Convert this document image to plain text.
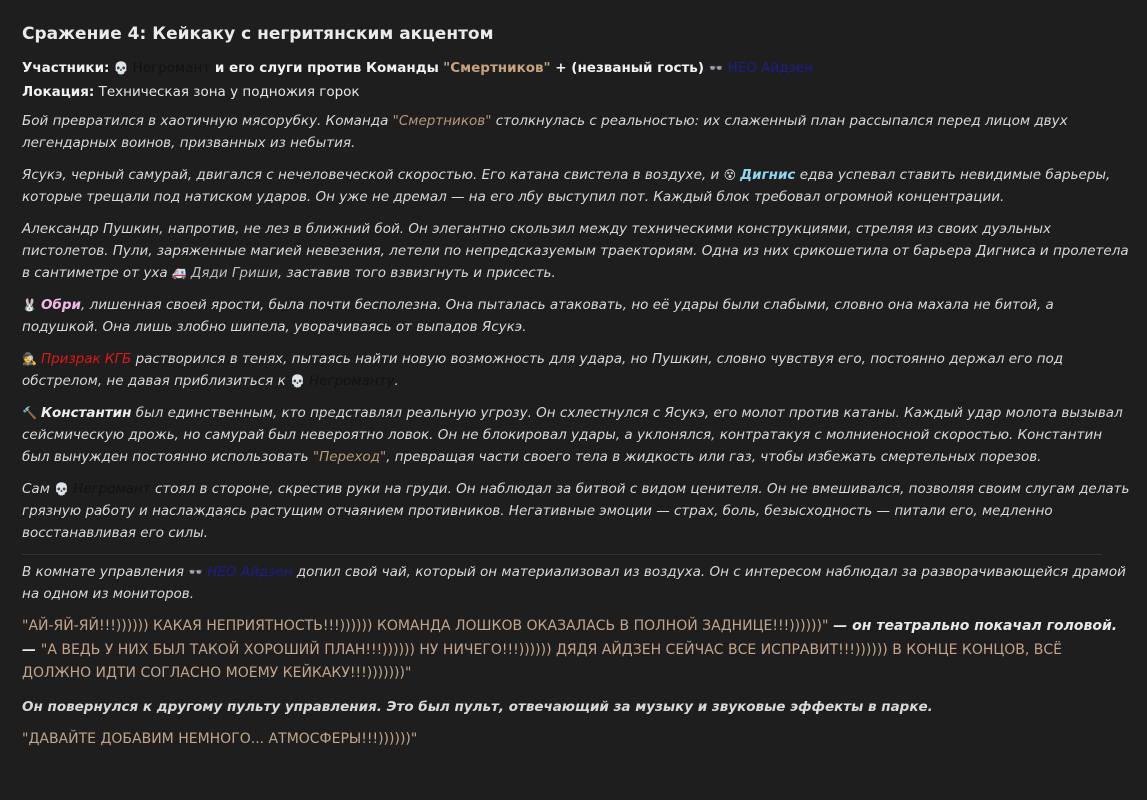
Сражение 4: Кейкаку с негритянским акцентом
Участники: 💀 Негромант и его слуги против Команды "Смертников" + (незваный гость) 👓 НЕО Айдзен
Локация: Техническая зона у подножия горок

Бой превратился в хаотичную мясорубку. Команда "Смертников" столкнулась с реальностью: их слаженный план рассыпался перед лицом двух легендарных воинов, призванных из небытия.

Ясукэ, черный самурай, двигался с нечеловеческой скоростью. Его катана свистела в воздухе, и 😵 Дигнис едва успевал ставить невидимые барьеры, которые трещали под натиском ударов. Он уже не дремал — на его лбу выступил пот. Каждый блок требовал огромной концентрации.

Александр Пушкин, напротив, не лез в ближний бой. Он элегантно скользил между техническими конструкциями, стреляя из своих дуэльных пистолетов. Пули, заряженные магией невезения, летели по непредсказуемым траекториям. Одна из них срикошетила от барьера Дигниса и пролетела в сантиметре от уха 🚑 Дяди Гриши, заставив того взвизгнуть и присесть.

🐰 Обри, лишенная своей ярости, была почти бесполезна. Она пыталась атаковать, но её удары были слабыми, словно она махала не битой, а подушкой. Она лишь злобно шипела, уворачиваясь от выпадов Ясукэ.

🕵 Призрак КГБ растворился в тенях, пытаясь найти новую возможность для удара, но Пушкин, словно чувствуя его, постоянно держал его под обстрелом, не давая приблизиться к 💀 Негроманту.

🔨 Константин был единственным, кто представлял реальную угрозу. Он схлестнулся с Ясукэ, его молот против катаны. Каждый удар молота вызывал сейсмическую дрожь, но самурай был невероятно ловок. Он не блокировал удары, а уклонялся, контратакуя с молниеносной скоростью. Константин был вынужден постоянно использовать "Переход", превращая части своего тела в жидкость или газ, чтобы избежать смертельных порезов.

Сам 💀 Негромант стоял в стороне, скрестив руки на груди. Он наблюдал за битвой с видом ценителя. Он не вмешивался, позволяя своим слугам делать грязную работу и наслаждаясь растущим отчаянием противников. Негативные эмоции — страх, боль, безысходность — питали его, медленно восстанавливая его силы.

В комнате управления 👓 НЕО Айдзен допил свой чай, который он материализовал из воздуха. Он с интересом наблюдал за разворачивающейся драмой на одном из мониторов.

"АЙ-ЯЙ-ЯЙ!!!)))))) КАКАЯ НЕПРИЯТНОСТЬ!!!)))))) КОМАНДА ЛОШКОВ ОКАЗАЛАСЬ В ПОЛНОЙ ЗАДНИЦЕ!!!))))))" — он театрально покачал головой. — "А ВЕДЬ У НИХ БЫЛ ТАКОЙ ХОРОШИЙ ПЛАН!!!)))))) НУ НИЧЕГО!!!)))))) ДЯДЯ АЙДЗЕН СЕЙЧАС ВСЕ ИСПРАВИТ!!!)))))) В КОНЦЕ КОНЦОВ, ВСЁ ДОЛЖНО ИДТИ СОГЛАСНО МОЕМУ КЕЙКАКУ!!!)))))))"

Он повернулся к другому пульту управления. Это был пульт, отвечающий за музыку и звуковые эффекты в парке.

"ДАВАЙТЕ ДОБАВИМ НЕМНОГО... АТМОСФЕРЫ!!!))))))"
